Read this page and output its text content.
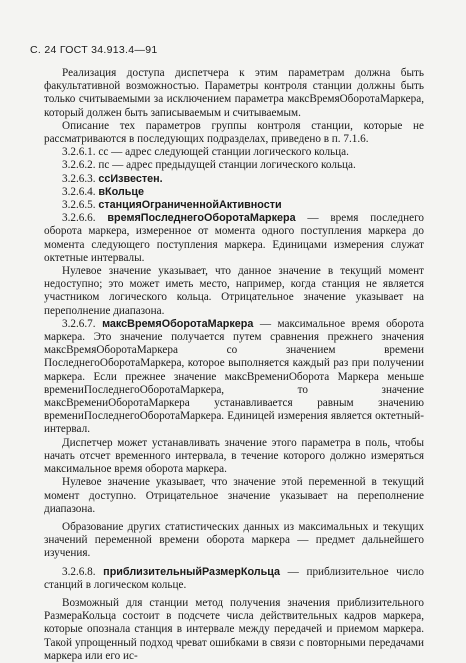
С. 24 ГОСТ 34.913.4—91

Реализация доступа диспетчера к этим параметрам должна быть факультативной возможностью. Параметры контроля станции должны быть только считываемыми за исключением параметра максВремяОборотаМаркера, который должен быть записываемым и считываемым.

Описание тех параметров группы контроля станции, которые не рассматриваются в последующих подразделах, приведено в п. 7.1.6.

3.2.6.1. сс — адрес следующей станции логического кольца.
3.2.6.2. пс — адрес предыдущей станции логического кольца.
3.2.6.3. ссИзвестен.
3.2.6.4. вКольце
3.2.6.5. станцияОграниченнойАктивности

3.2.6.6. времяПоследнегоОборотаМаркера — время последнего оборота маркера, измеренное от момента одного поступления маркера до момента следующего поступления маркера. Единицами измерения служат октетные интервалы.

Нулевое значение указывает, что данное значение в текущий момент недоступно; это может иметь место, например, когда станция не является участником логического кольца. Отрицательное значение указывает на переполнение диапазона.

3.2.6.7. максВремяОборотаМаркера — максимальное время оборота маркера. Это значение получается путем сравнения прежнего значения максВремяОборотаМаркера со значением времени ПоследнегоОборотаМаркера, которое выполняется каждый раз при получении маркера. Если прежнее значение максВремениОборота Маркера меньше времениПоследнегоОборотаМаркера, то значение максВремениОборотаМаркера устанавливается равным значению времениПоследнегоОборотаМаркера. Единицей измерения является октетный-интервал.

Диспетчер может устанавливать значение этого параметра в поль, чтобы начать отсчет временного интервала, в течение которого должно измеряться максимальное время оборота маркера.

Нулевое значение указывает, что значение этой переменной в текущий момент доступно. Отрицательное значение указывает на переполнение диапазона.

Образование других статистических данных из максимальных и текущих значений переменной времени оборота маркера — предмет дальнейшего изучения.

3.2.6.8. приблизительныйРазмерКольца — приблизительное число станций в логическом кольце.

Возможный для станции метод получения значения приблизительного РазмераКольца состоит в подсчете числа действительных кадров маркера, которые опознала станция в интервале между передачей и приемом маркера. Такой упрощенный подход чреват ошибками в связи с повторными передачами маркера или его ис-
